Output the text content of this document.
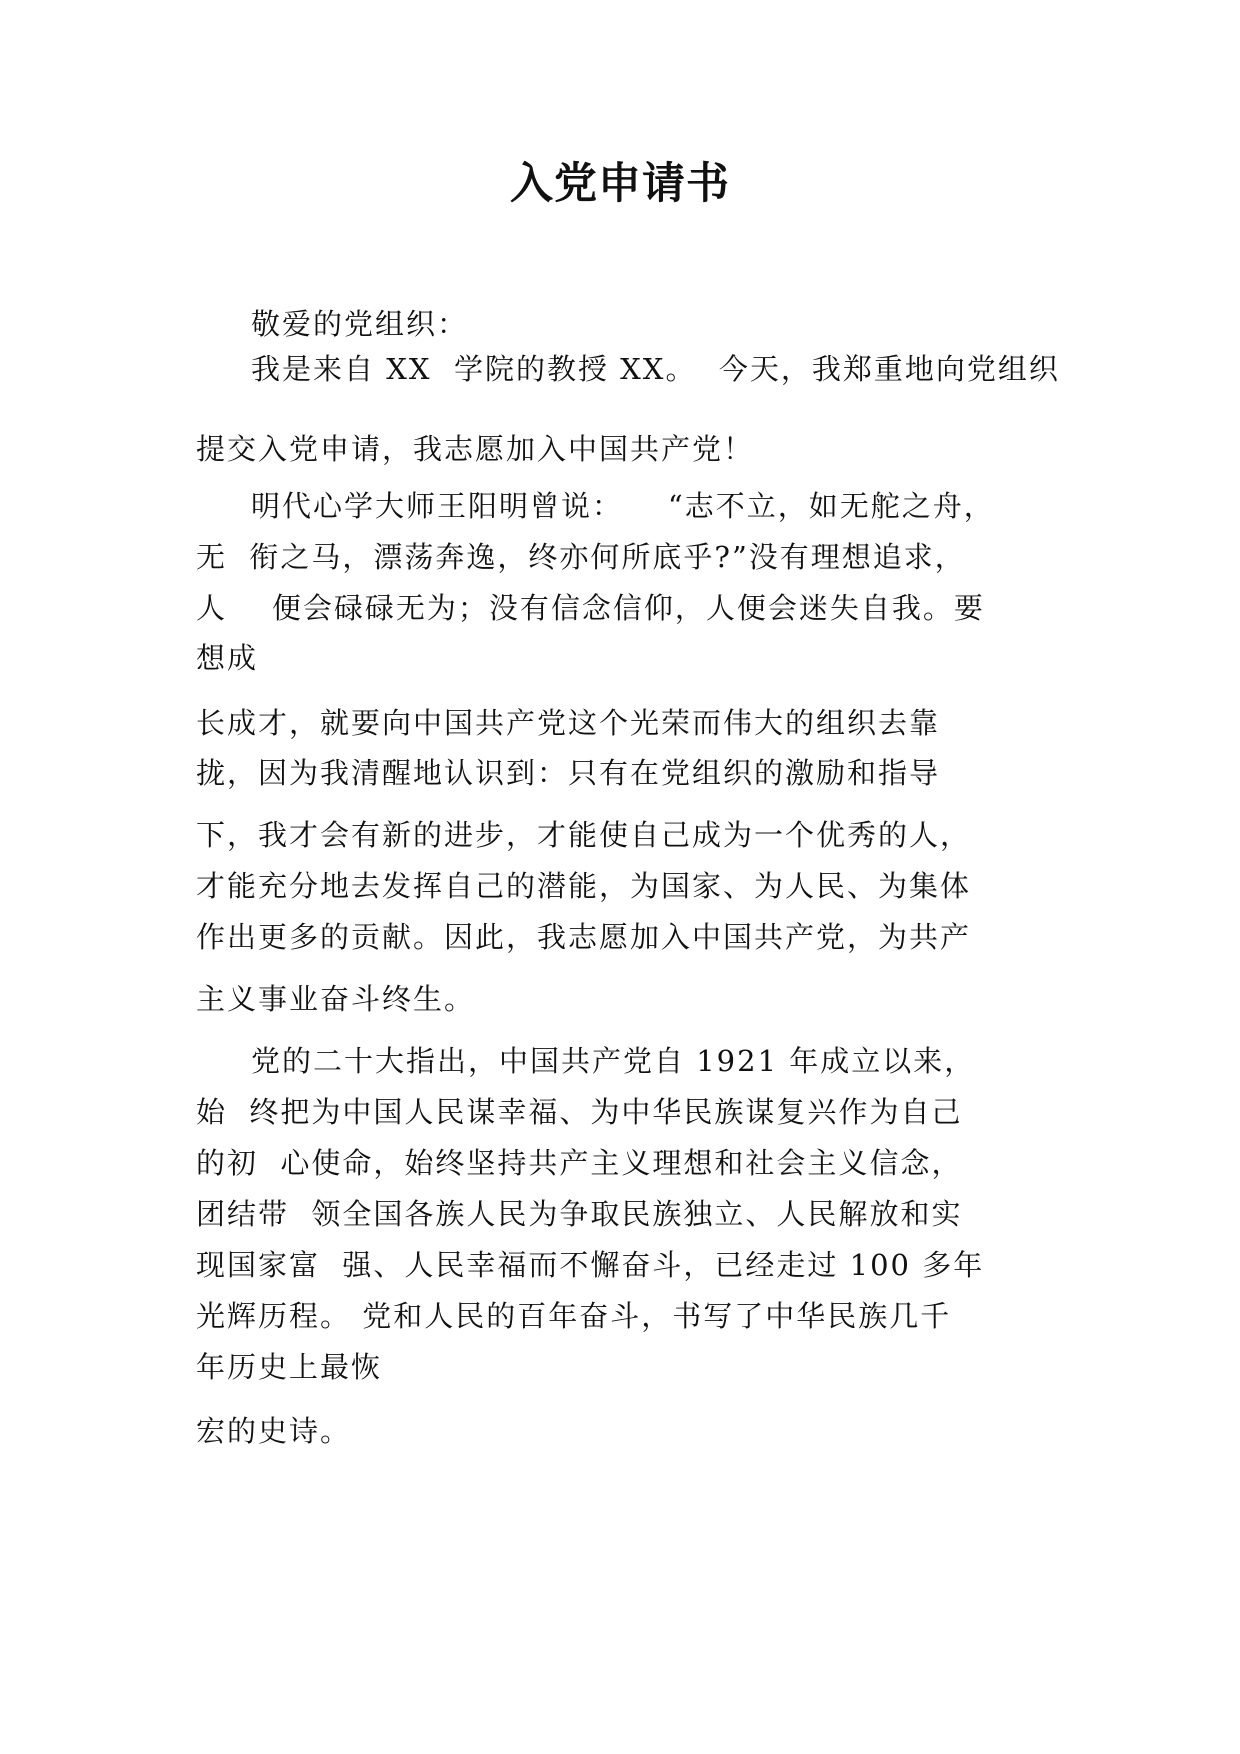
入党申请书
敬爱的党组织：
我是来自 XX  学院的教授 XX。  今天，我郑重地向党组织
提交入党申请，我志愿加入中国共产党！
明代心学大师王阳明曾说：    “志不立，如无舵之舟，
无  衔之马，漂荡奔逸，终亦何所底乎?”没有理想追求，
人    便会碌碌无为；没有信念信仰，人便会迷失自我。要
想成
长成才，就要向中国共产党这个光荣而伟大的组织去靠
拢，因为我清醒地认识到：只有在党组织的激励和指导
下，我才会有新的进步，才能使自己成为一个优秀的人，
才能充分地去发挥自己的潜能，为国家、为人民、为集体
作出更多的贡献。因此，我志愿加入中国共产党，为共产
主义事业奋斗终生。
党的二十大指出，中国共产党自 1921 年成立以来，
始  终把为中国人民谋幸福、为中华民族谋复兴作为自己
的初  心使命，始终坚持共产主义理想和社会主义信念，
团结带  领全国各族人民为争取民族独立、人民解放和实
现国家富  强、人民幸福而不懈奋斗，已经走过 100 多年
光辉历程。 党和人民的百年奋斗，书写了中华民族几千
年历史上最恢
宏的史诗。
